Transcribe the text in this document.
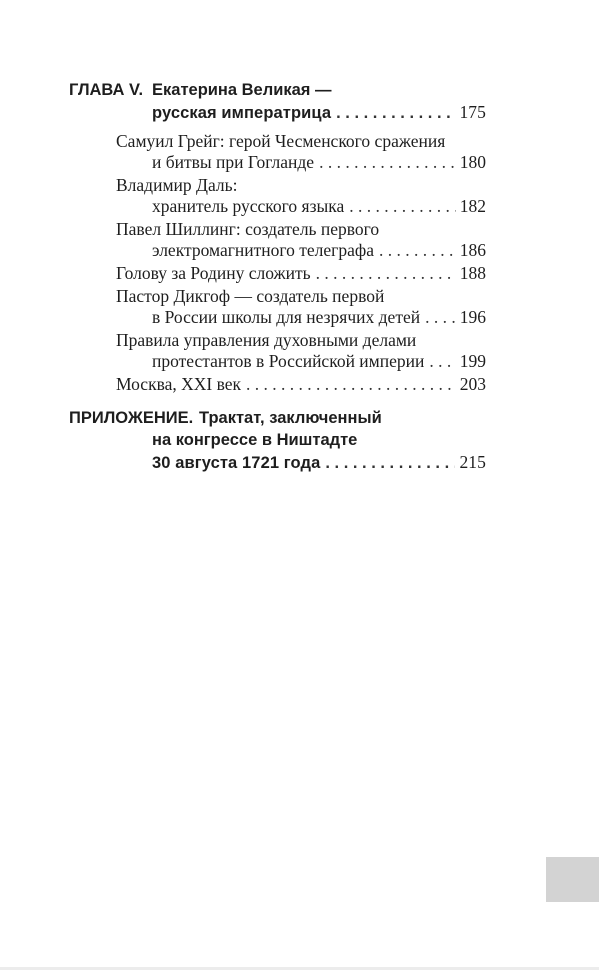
ГЛАВА V. Екатерина Великая —
русская императрица . . .	175
Самуил Грейг: герой Чесменского сражения
и битвы при Гогланде . . .	180
Владимир Даль:
хранитель русского языка . . .	182
Павел Шиллинг: создатель первого
электромагнитного телеграфа . . .	186
Голову за Родину сложить . . .	188
Пастор Дикгоф — создатель первой
в России школы для незрячих детей . . . 196
Правила управления духовными делами
протестантов в Российской империи . . . 199
Москва, XXI век . . .	203
ПРИЛОЖЕНИЕ. Трактат, заключенный
на конгрессе в Ништадте
30 августа 1721 года . . .	215
